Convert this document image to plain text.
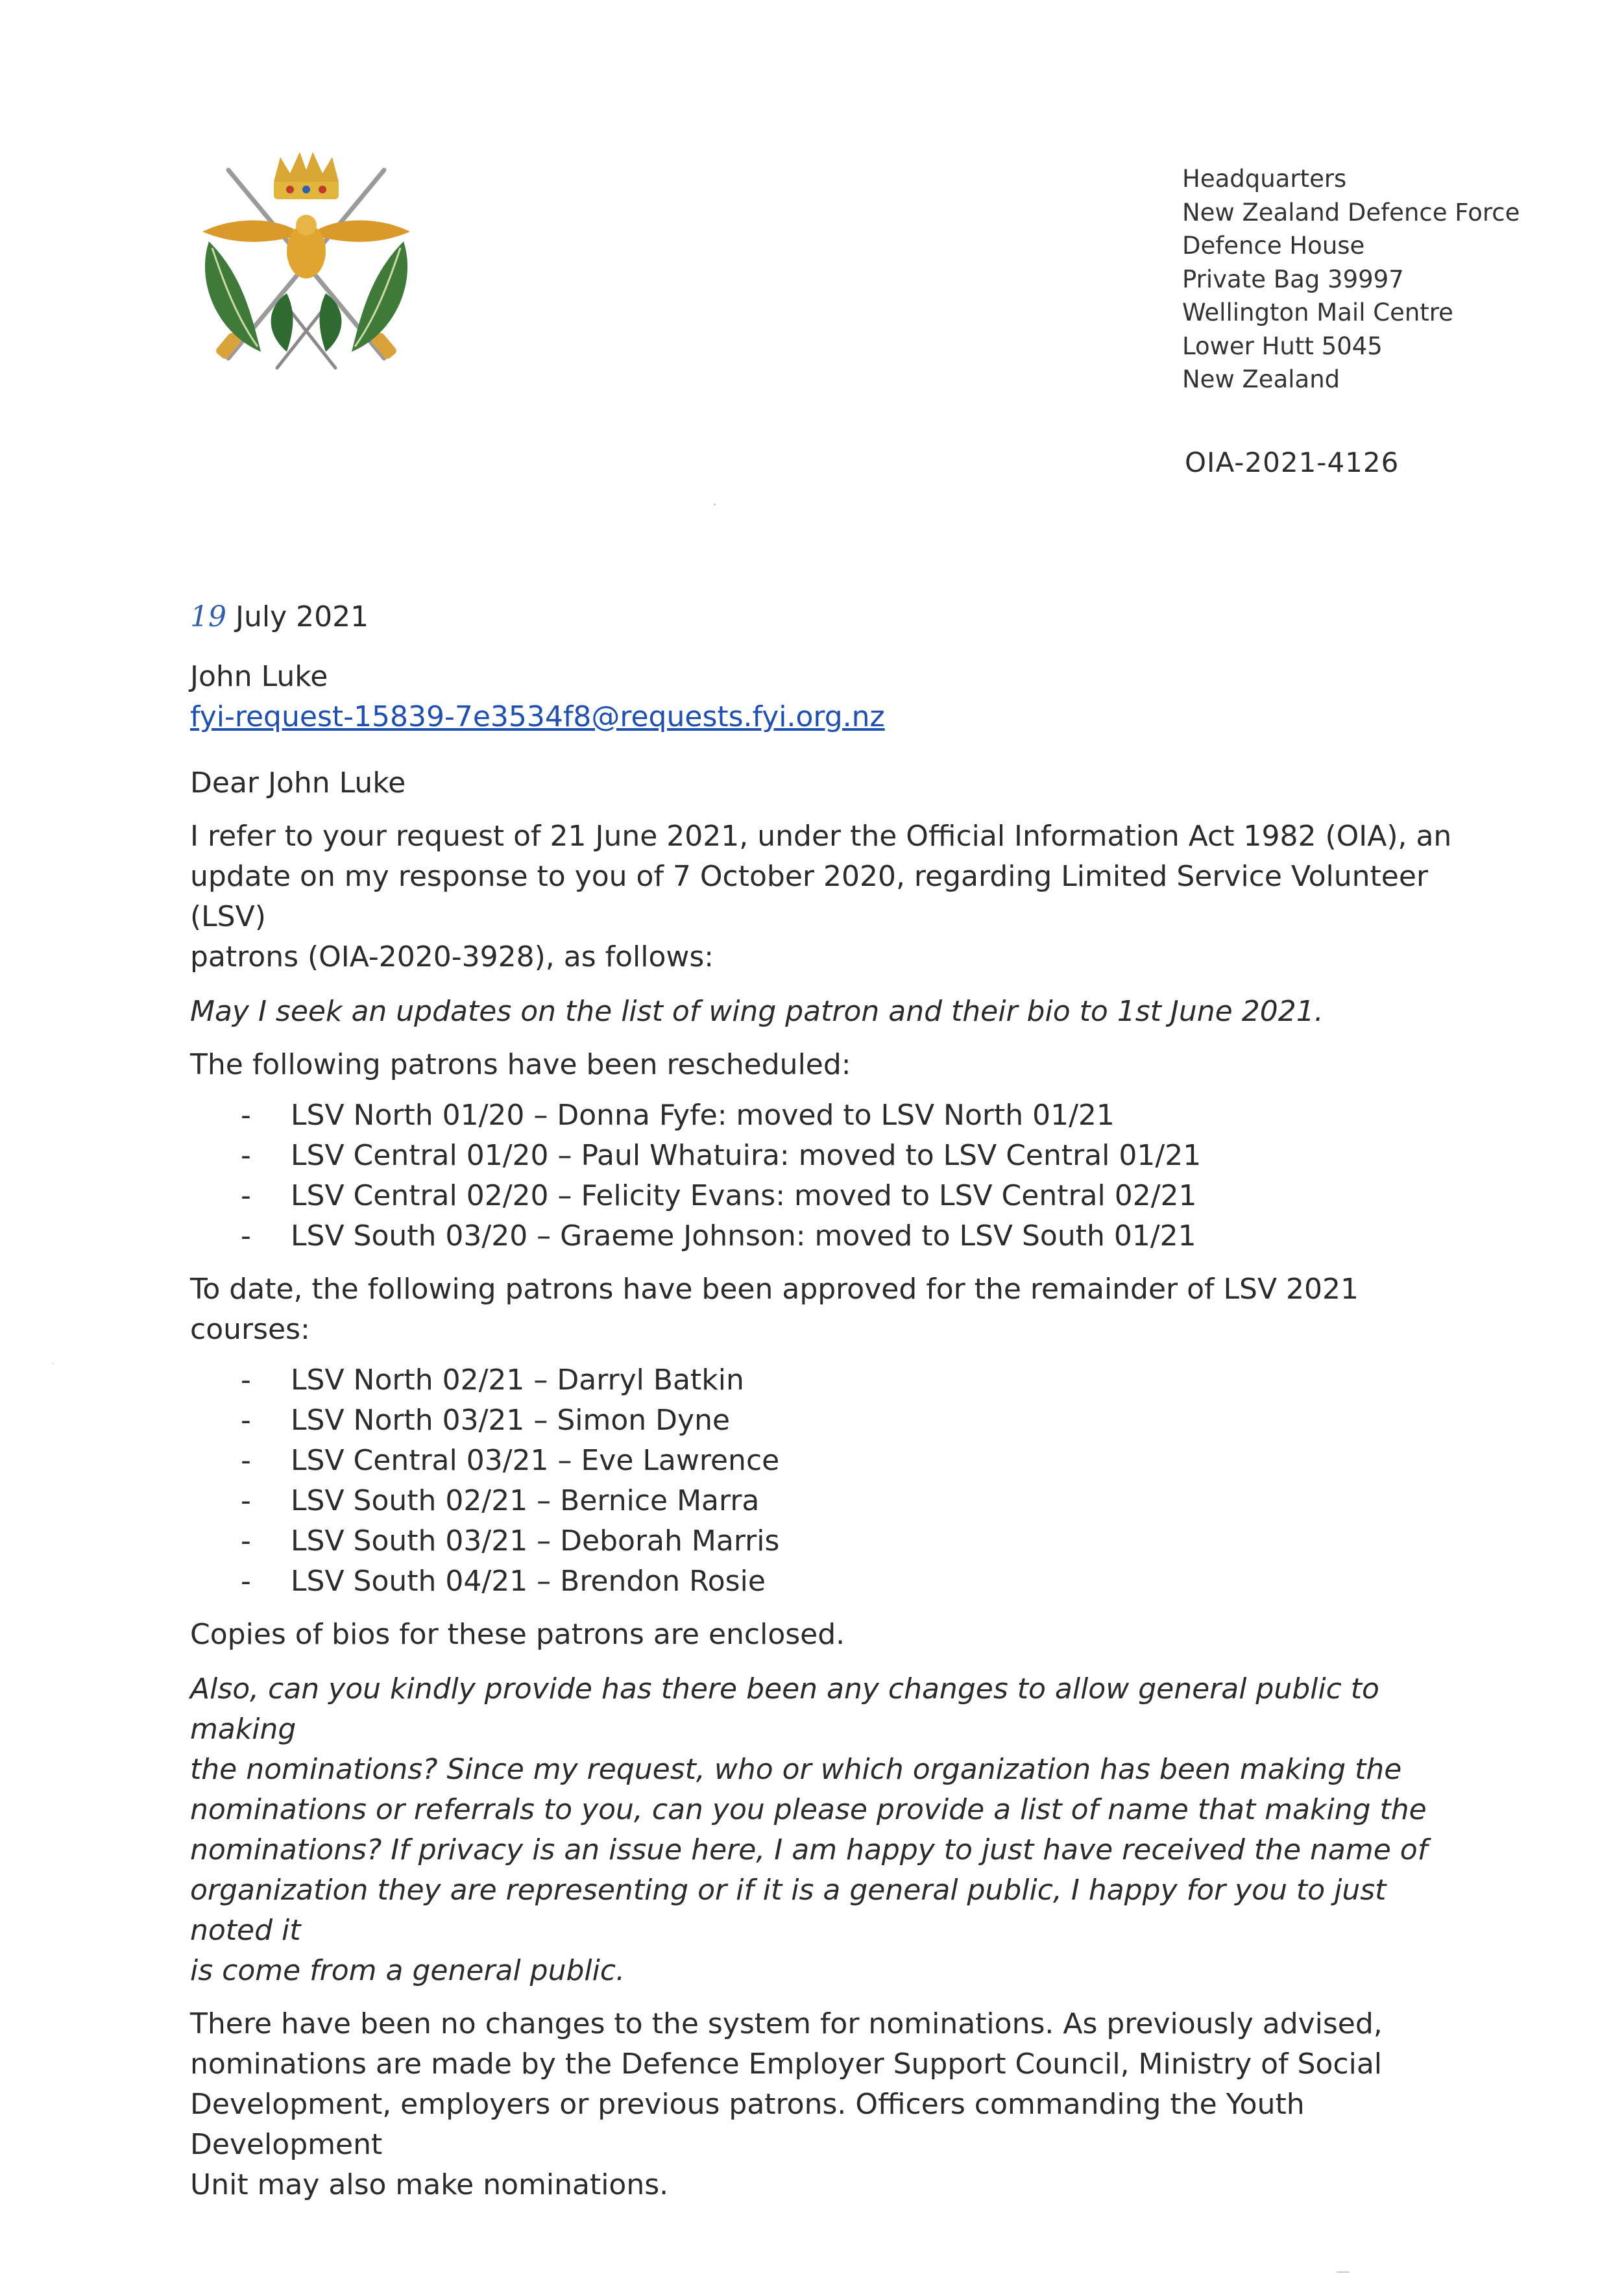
Headquarters
New Zealand Defence Force
Defence House
Private Bag 39997
Wellington Mail Centre
Lower Hutt 5045
New Zealand
OIA-2021-4126

19 July 2021

John Luke
fyi-request-15839-7e3534f8@requests.fyi.org.nz
Dear John Luke

I refer to your request of 21 June 2021, under the Official Information Act 1982 (OIA), an
update on my response to you of 7 October 2020, regarding Limited Service Volunteer (LSV)
patrons (OIA-2020-3928), as follows:

May I seek an updates on the list of wing patron and their bio to 1st June 2021.

The following patrons have been rescheduled:

- LSV North 01/20 – Donna Fyfe: moved to LSV North 01/21
- LSV Central 01/20 – Paul Whatuira: moved to LSV Central 01/21
- LSV Central 02/20 – Felicity Evans: moved to LSV Central 02/21
- LSV South 03/20 – Graeme Johnson: moved to LSV South 01/21

To date, the following patrons have been approved for the remainder of LSV 2021 courses:

- LSV North 02/21 – Darryl Batkin
- LSV North 03/21 – Simon Dyne
- LSV Central 03/21 – Eve Lawrence
- LSV South 02/21 – Bernice Marra
- LSV South 03/21 – Deborah Marris
- LSV South 04/21 – Brendon Rosie

Copies of bios for these patrons are enclosed.

Also, can you kindly provide has there been any changes to allow general public to making
the nominations? Since my request, who or which organization has been making the
nominations or referrals to you, can you please provide a list of name that making the
nominations? If privacy is an issue here, I am happy to just have received the name of
organization they are representing or if it is a general public, I happy for you to just noted it
is come from a general public.

There have been no changes to the system for nominations. As previously advised,
nominations are made by the Defence Employer Support Council, Ministry of Social
Development, employers or previous patrons. Officers commanding the Youth Development
Unit may also make nominations.
